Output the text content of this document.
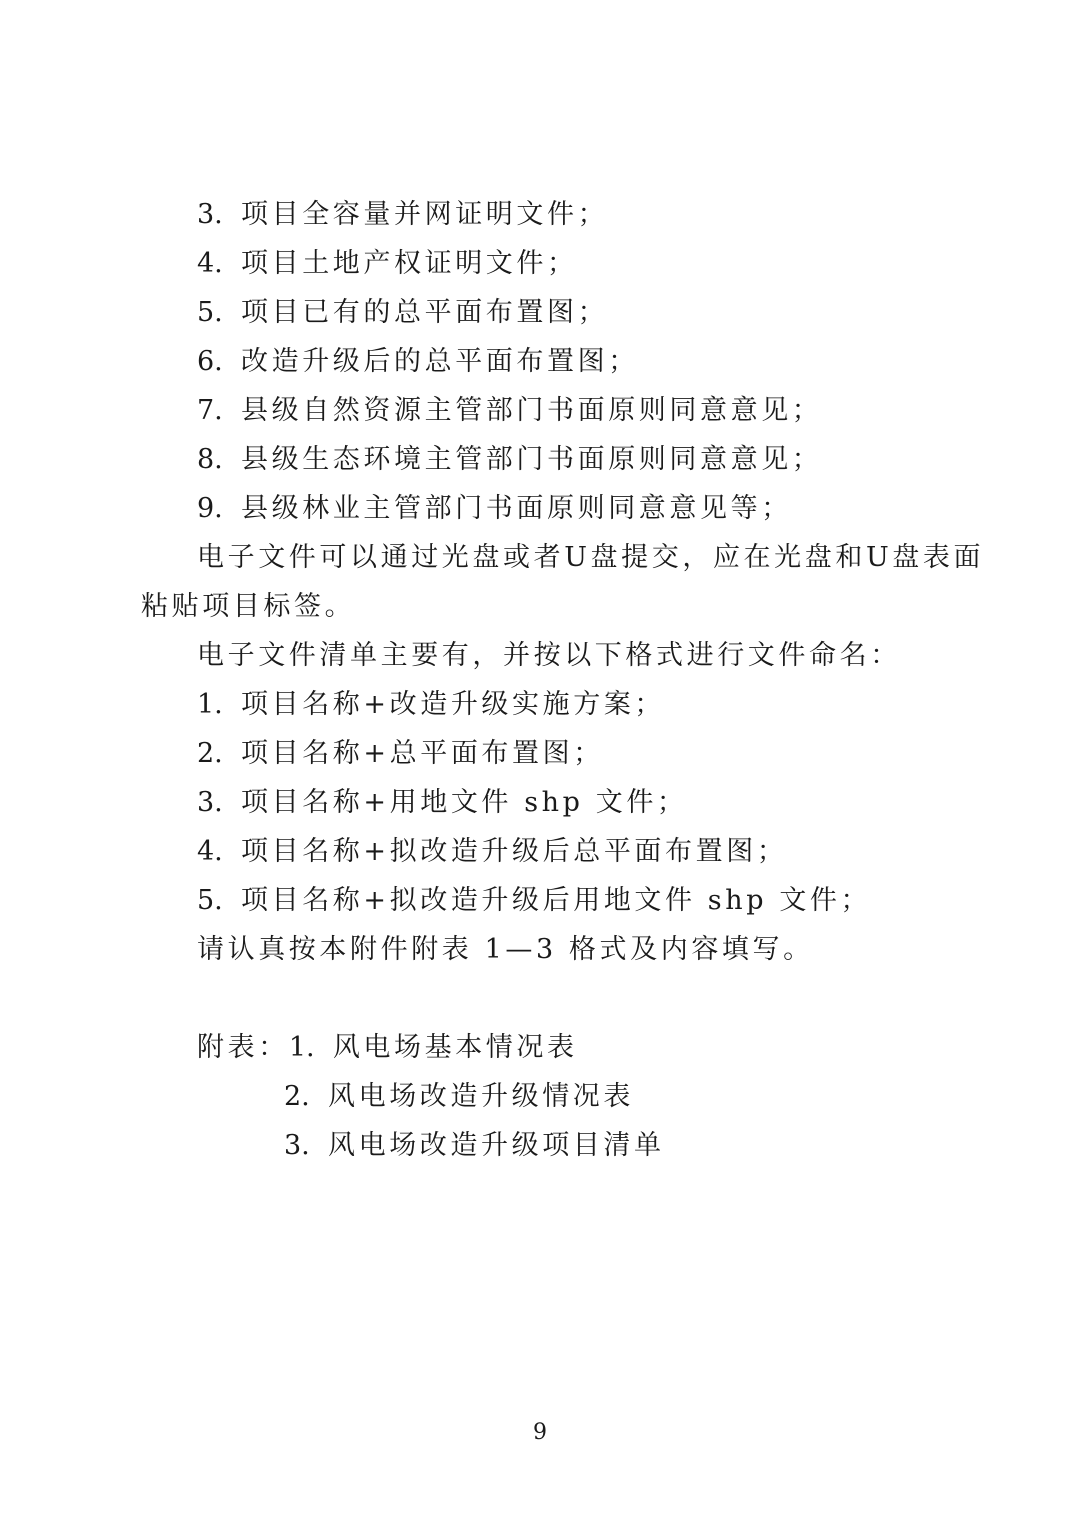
3. 项目全容量并网证明文件；
4. 项目土地产权证明文件；
5. 项目已有的总平面布置图；
6. 改造升级后的总平面布置图；
7. 县级自然资源主管部门书面原则同意意见；
8. 县级生态环境主管部门书面原则同意意见；
9. 县级林业主管部门书面原则同意意见等；
电子文件可以通过光盘或者U盘提交，应在光盘和U盘表面
粘贴项目标签。
电子文件清单主要有，并按以下格式进行文件命名：
1. 项目名称+改造升级实施方案；
2. 项目名称+总平面布置图；
3. 项目名称+用地文件 shp 文件；
4. 项目名称+拟改造升级后总平面布置图；
5. 项目名称+拟改造升级后用地文件 shp 文件；
请认真按本附件附表 1—3 格式及内容填写。
附表：1. 风电场基本情况表
2. 风电场改造升级情况表
3. 风电场改造升级项目清单
9
